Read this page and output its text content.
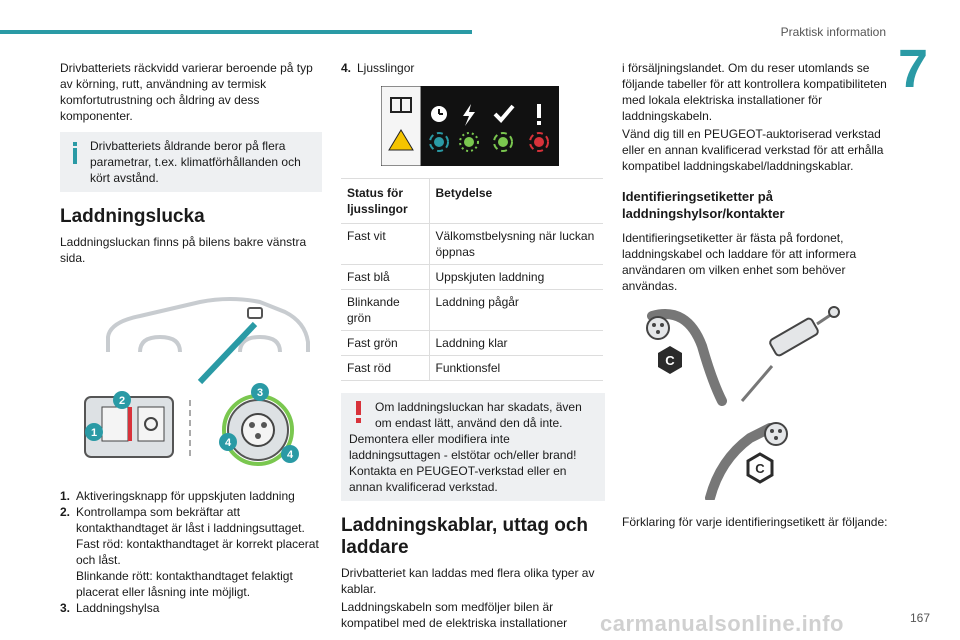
Praktisk information
7
167
carmanualsonline.info

Drivbatteriets räckvidd varierar beroende på typ av körning, rutt, användning av termisk komfortutrustning och åldring av dess komponenter.

Drivbatteriets åldrande beror på flera parametrar, t.ex. klimatförhållanden och kört avstånd.
Laddningslucka

Laddningsluckan finns på bilens bakre vänstra sida.

1
2
3
4
4
1. Aktiveringsknapp för uppskjuten laddning
2. Kontrollampa som bekräftar att kontakthandtaget är låst i laddningsuttaget.
Fast röd: kontakthandtaget är korrekt placerat och låst.
Blinkande rött: kontakthandtaget felaktigt placerat eller låsning inte möjligt.
3. Laddningshylsa
4. Ljusslingor
Status för ljusslingor	Betydelse
Fast vit	Välkomstbelysning när luckan öppnas
Fast blå	Uppskjuten laddning
Blinkande grön	Laddning pågår
Fast grön	Laddning klar
Fast röd	Funktionsfel
Om laddningsluckan har skadats, även om endast lätt, använd den då inte.
Demontera eller modifiera inte laddningsuttagen - elstötar och/eller brand!
Kontakta en PEUGEOT-verkstad eller en annan kvalificerad verkstad.
Laddningskablar, uttag och laddare

Drivbatteriet kan laddas med flera olika typer av kablar.

Laddningskabeln som medföljer bilen är kompatibel med de elektriska installationer

i försäljningslandet. Om du reser utomlands se följande tabeller för att kontrollera kompatibiliteten med lokala elektriska installationer för laddningskabeln.

Vänd dig till en PEUGEOT-auktoriserad verkstad eller en annan kvalificerad verkstad för att erhålla kompatibel laddningskabel/laddningskablar.

Identifieringsetiketter på laddningshylsor/kontakter

Identifieringsetiketter är fästa på fordonet, laddningskabel och laddare för att informera användaren om vilken enhet som behöver användas.

C

C

Förklaring för varje identifieringsetikett är följande:
